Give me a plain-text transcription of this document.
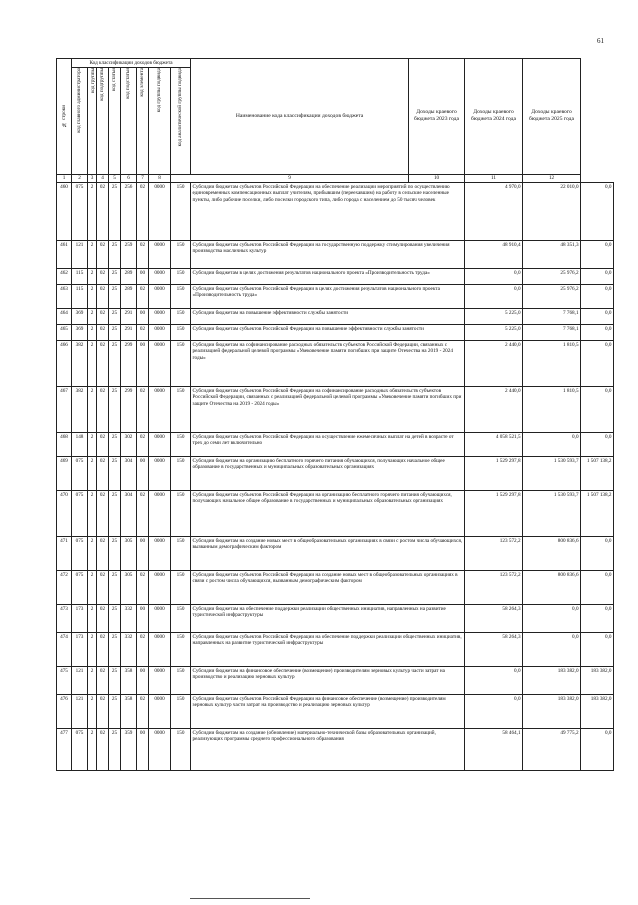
61
№ строки	Код классификации доходов бюджета								Наименование кода классификации доходов бюджета	Доходы краевого бюджета 2023 года	Доходы краевого бюджета 2024 года	Доходы краевого бюджета 2025 года	

	код главного администратора	код группы	код подгруппы	код статьи	код подстатьи	код элемента	код группы подвида	код аналитической группы подвида					

1	2	3	4	5	6	7	8	9		10	11	12	
460	075	2	02	25	256	02	0000	150	Субсидии бюджетам субъектов Российской Федерации на обеспечение реализации мероприятий по осуществлению единовременных компенсационных выплат учителям, прибывшим (переехавшим) на работу в сельские населенные пункты, либо рабочие поселки, либо поселки городского типа, либо города с населением до 50 тысяч человек		4 970,0	22 010,0	0,0
461	121	2	02	25	259	02	0000	150	Субсидии бюджетам субъектов Российской Федерации на государственную поддержку стимулирования увеличения производства масличных культур		48 910,4	48 351,3	0,0
462	115	2	02	25	289	00	0000	150	Субсидии бюджетам в целях достижения результатов национального проекта «Производительность труда»		0,0	25 976,2	0,0
463	115	2	02	25	289	02	0000	150	Субсидии бюджетам субъектов Российской Федерации в целях достижения результатов национального проекта «Производительность труда»		0,0	25 976,2	0,0
464	369	2	02	25	291	00	0000	150	Субсидии бюджетам на повышение эффективности службы занятости		5 225,0	7 768,1	0,0
465	369	2	02	25	291	02	0000	150	Субсидии бюджетам субъектов Российской Федерации на повышение эффективности службы занятости		5 225,0	7 768,1	0,0
466	382	2	02	25	299	00	0000	150	Субсидии бюджетам на софинансирование расходных обязательств субъектов Российской Федерации, связанных с реализацией федеральной целевой программы «Увековечение памяти погибших при защите Отечества на 2019 - 2024 годы»		2 440,0	1 810,5	0,0
467	382	2	02	25	299	02	0000	150	Субсидии бюджетам субъектов Российской Федерации на софинансирование расходных обязательств субъектов Российской Федерации, связанных с реализацией федеральной целевой программы «Увековечение памяти погибших при защите Отечества на 2019 - 2024 годы»		2 440,0	1 810,5	0,0
468	148	2	02	25	302	02	0000	150	Субсидии бюджетам субъектов Российской Федерации на осуществление ежемесячных выплат на детей в возрасте от трех до семи лет включительно		4 058 521,5	0,0	0,0
469	075	2	02	25	304	00	0000	150	Субсидии бюджетам на организацию бесплатного горячего питания обучающихся, получающих начальное общее образование в государственных и муниципальных образовательных организациях		1 529 297,8	1 530 593,7	1 507 138,2
470	075	2	02	25	304	02	0000	150	Субсидии бюджетам субъектов Российской Федерации на организацию бесплатного горячего питания обучающихся, получающих начальное общее образование в государственных и муниципальных образовательных организациях		1 529 297,8	1 530 593,7	1 507 138,2
471	075	2	02	25	305	00	0000	150	Субсидии бюджетам на создание новых мест в общеобразовательных организациях в связи с ростом числа обучающихся, вызванным демографическим фактором		123 572,2	800 836,6	0,0
472	075	2	02	25	305	02	0000	150	Субсидии бюджетам субъектов Российской Федерации на создание новых мест в общеобразовательных организациях в связи с ростом числа обучающихся, вызванным демографическим фактором		123 572,2	800 836,6	0,0
473	173	2	02	25	332	00	0000	150	Субсидии бюджетам на обеспечение поддержки реализации общественных инициатив, направленных на развитие туристической инфраструктуры		58 264,3	0,0	0,0
474	173	2	02	25	332	02	0000	150	Субсидии бюджетам субъектов Российской Федерации на обеспечение поддержки реализации общественных инициатив, направленных на развитие туристической инфраструктуры		58 264,3	0,0	0,0
475	121	2	02	25	358	00	0000	150	Субсидии бюджетам на финансовое обеспечение (возмещение) производителям зерновых культур части затрат на производство и реализацию зерновых культур		0,0	183 382,0	183 382,0
476	121	2	02	25	358	02	0000	150	Субсидии бюджетам субъектов Российской Федерации на финансовое обеспечение (возмещение) производителям зерновых культур части затрат на производство и реализацию зерновых культур		0,0	183 382,0	183 382,0
477	075	2	02	25	359	00	0000	150	Субсидии бюджетам на создание (обновление) материально-технической базы образовательных организаций, реализующих программы среднего профессионального образования		58 464,1	49 775,2	0,0
